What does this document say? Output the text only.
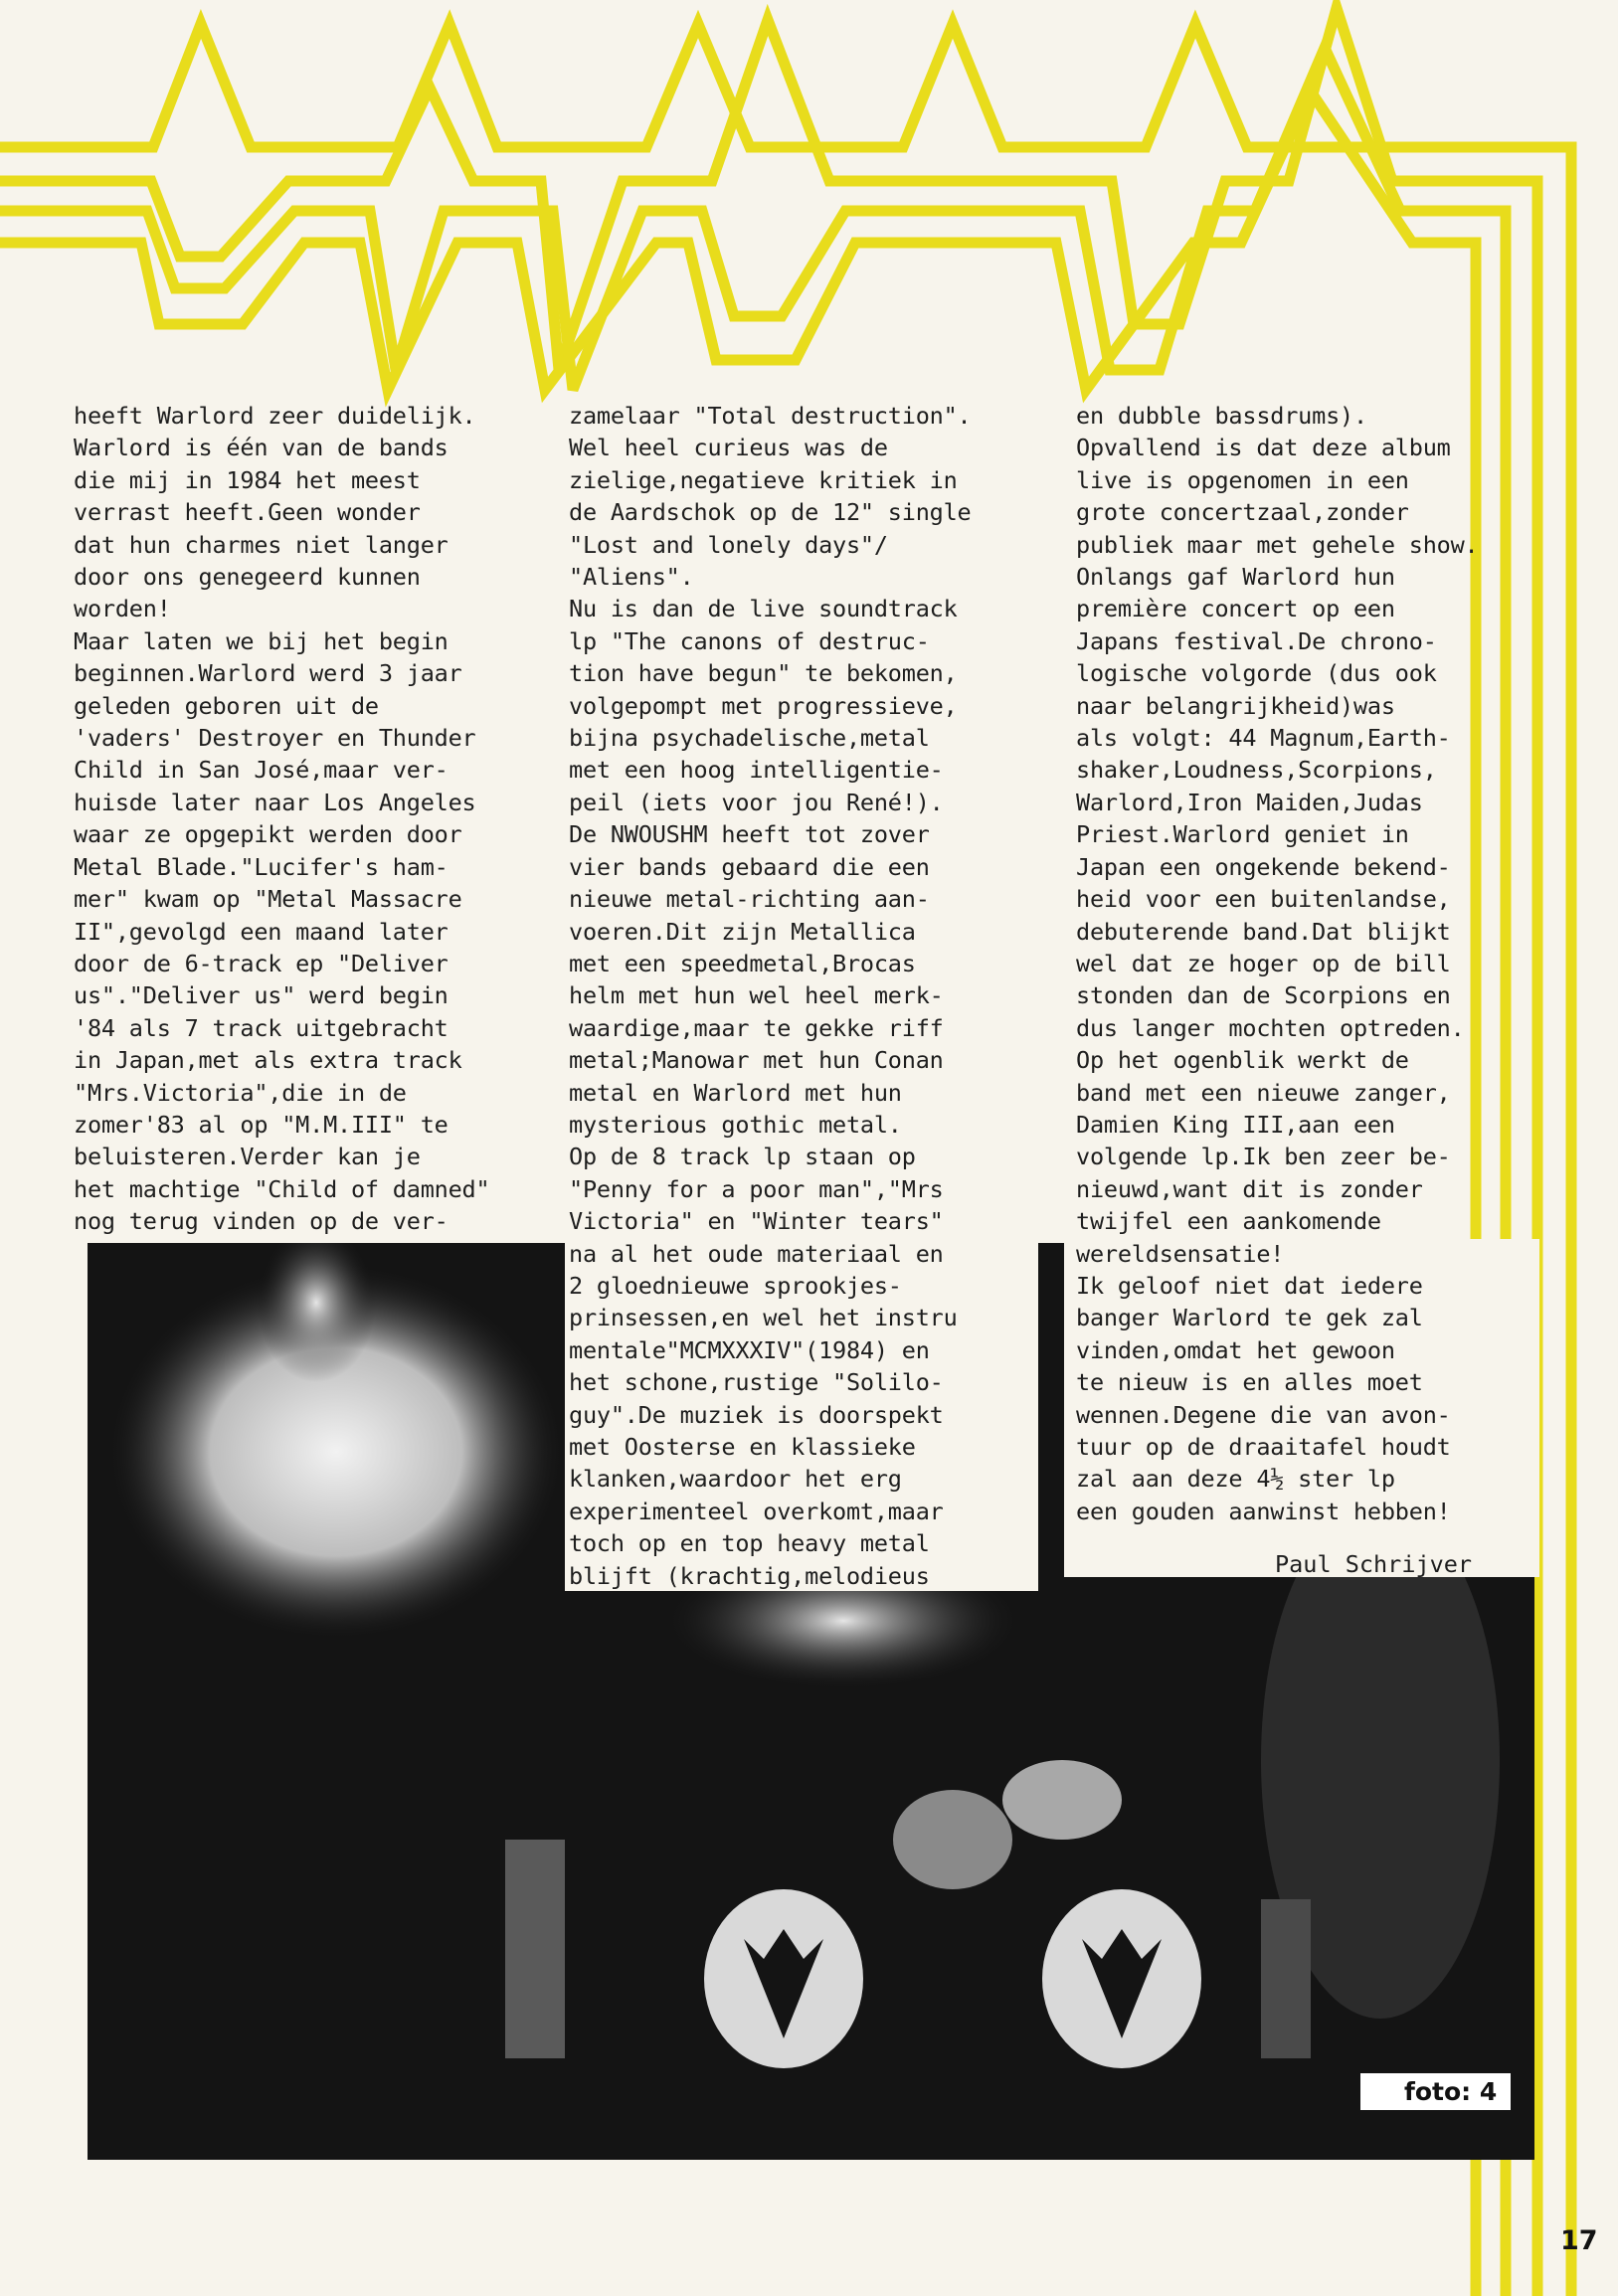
heeft Warlord zeer duidelijk.
Warlord is één van de bands
die mij in 1984 het meest
verrast heeft.Geen wonder
dat hun charmes niet langer
door ons genegeerd kunnen
worden!
Maar laten we bij het begin
beginnen.Warlord werd 3 jaar
geleden geboren uit de
'vaders' Destroyer en Thunder
Child in San José,maar ver-
huisde later naar Los Angeles
waar ze opgepikt werden door
Metal Blade."Lucifer's ham-
mer" kwam op "Metal Massacre
II",gevolgd een maand later
door de 6-track ep "Deliver
us"."Deliver us" werd begin
'84 als 7 track uitgebracht
in Japan,met als extra track
"Mrs.Victoria",die in de
zomer'83 al op "M.M.III" te
beluisteren.Verder kan je
het machtige "Child of damned"
nog terug vinden op de ver-
zamelaar "Total destruction".
Wel heel curieus was de
zielige,negatieve kritiek in
de Aardschok op de 12" single
"Lost and lonely days"/
"Aliens".
Nu is dan de live soundtrack
lp "The canons of destruc-
tion have begun" te bekomen,
volgepompt met progressieve,
bijna psychadelische,metal
met een hoog intelligentie-
peil (iets voor jou René!).
De NWOUSHM heeft tot zover
vier bands gebaard die een
nieuwe metal-richting aan-
voeren.Dit zijn Metallica
met een speedmetal,Brocas
helm met hun wel heel merk-
waardige,maar te gekke riff
metal;Manowar met hun Conan
metal en Warlord met hun
mysterious gothic metal.
Op de 8 track lp staan op
"Penny for a poor man","Mrs
Victoria" en "Winter tears"
na al het oude materiaal en
2 gloednieuwe sprookjes-
prinsessen,en wel het instru
mentale"MCMXXXIV"(1984) en
het schone,rustige "Solilo-
guy".De muziek is doorspekt
met Oosterse en klassieke
klanken,waardoor het erg
experimenteel overkomt,maar
toch op en top heavy metal
blijft (krachtig,melodieus
en dubble bassdrums).
Opvallend is dat deze album
live is opgenomen in een
grote concertzaal,zonder
publiek maar met gehele show.
Onlangs gaf Warlord hun
première concert op een
Japans festival.De chrono-
logische volgorde (dus ook
naar belangrijkheid)was
als volgt: 44 Magnum,Earth-
shaker,Loudness,Scorpions,
Warlord,Iron Maiden,Judas
Priest.Warlord geniet in
Japan een ongekende bekend-
heid voor een buitenlandse,
debuterende band.Dat blijkt
wel dat ze hoger op de bill
stonden dan de Scorpions en
dus langer mochten optreden.
Op het ogenblik werkt de
band met een nieuwe zanger,
Damien King III,aan een
volgende lp.Ik ben zeer be-
nieuwd,want dit is zonder
twijfel een aankomende
wereldsensatie!
Ik geloof niet dat iedere
banger Warlord te gek zal
vinden,omdat het gewoon
te nieuw is en alles moet
wennen.Degene die van avon-
tuur op de draaitafel houdt
zal aan deze 4½ ster lp
een gouden aanwinst hebben!
Paul Schrijver
foto: 4
17
